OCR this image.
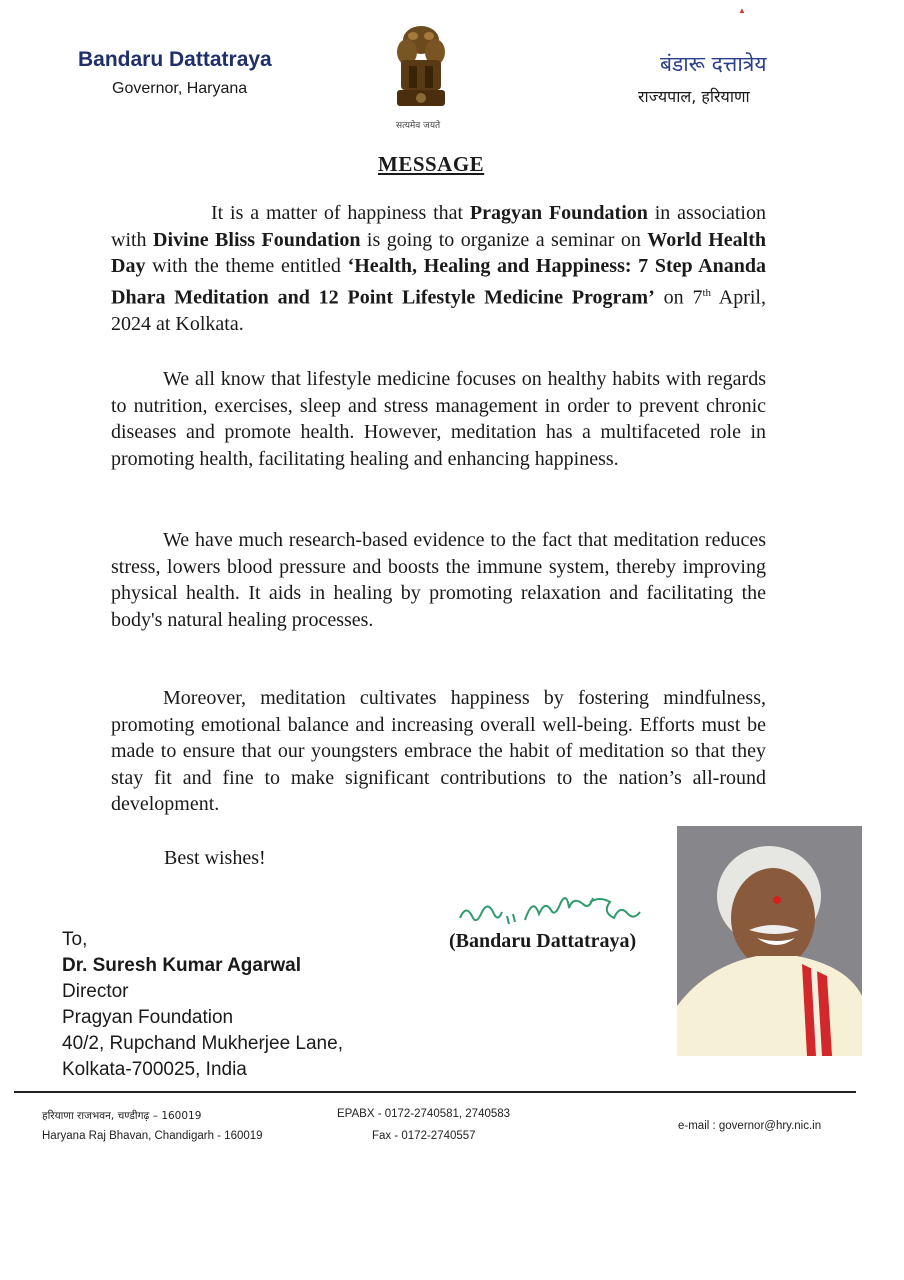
▲
Bandaru Dattatraya
Governor, Haryana
सत्यमेव जयते
बंडारू दत्तात्रेय
राज्यपाल, हरियाणा
MESSAGE
It is a matter of happiness that Pragyan Foundation in association with Divine Bliss Foundation is going to organize a seminar on World Health Day with the theme entitled ‘Health, Healing and Happiness: 7 Step Ananda Dhara Meditation and 12 Point Lifestyle Medicine Program’ on 7th April, 2024 at Kolkata.
We all know that lifestyle medicine focuses on healthy habits with regards to nutrition, exercises, sleep and stress management in order to prevent chronic diseases and promote health. However, meditation has a multifaceted role in promoting health, facilitating healing and enhancing happiness.
We have much research-based evidence to the fact that meditation reduces stress, lowers blood pressure and boosts the immune system, thereby improving physical health. It aids in healing by promoting relaxation and facilitating the body's natural healing processes.
Moreover, meditation cultivates happiness by fostering mindfulness, promoting emotional balance and increasing overall well-being. Efforts must be made to ensure that our youngsters embrace the habit of meditation so that they stay fit and fine to make significant contributions to the nation’s all-round development.
Best wishes!
(Bandaru Dattatraya)
To,
Dr. Suresh Kumar Agarwal
Director
Pragyan Foundation
40/2, Rupchand Mukherjee Lane,
Kolkata-700025, India
हरियाणा राजभवन, चण्डीगढ़ – 160019
Haryana Raj Bhavan, Chandigarh - 160019
EPABX - 0172-2740581, 2740583
Fax - 0172-2740557
e-mail : governor@hry.nic.in
